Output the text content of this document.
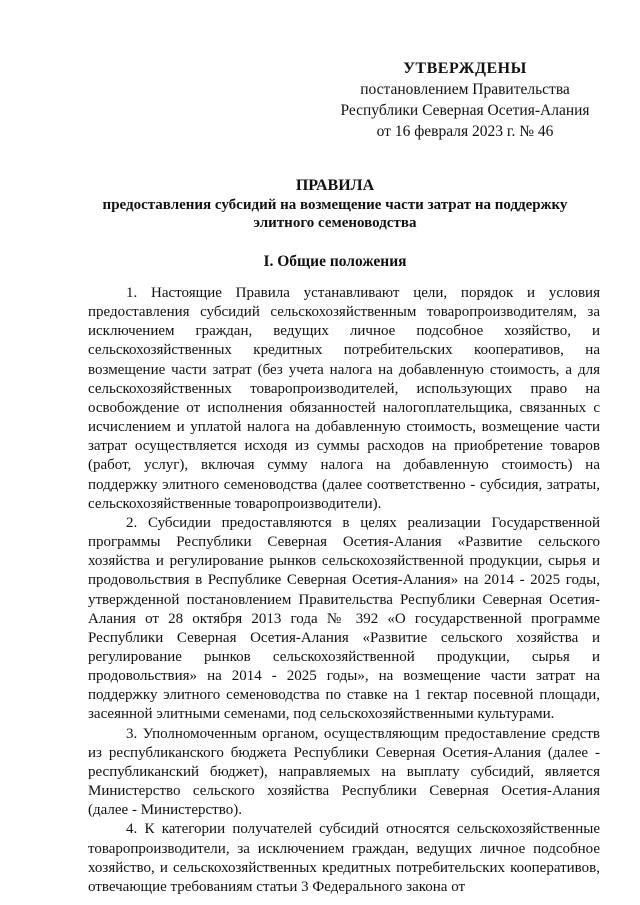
УТВЕРЖДЕНЫ
постановлением Правительства
Республики Северная Осетия-Алания
от 16 февраля 2023 г. № 46
ПРАВИЛА
предоставления субсидий на возмещение части затрат на поддержку
элитного семеноводства
I. Общие положения

1. Настоящие Правила устанавливают цели, порядок и условия предоставления субсидий сельскохозяйственным товаропроизводителям, за исключением граждан, ведущих личное подсобное хозяйство, и сельскохозяйственных кредитных потребительских кооперативов, на возмещение части затрат (без учета налога на добавленную стоимость, а для сельскохозяйственных товаропроизводителей, использующих право на освобождение от исполнения обязанностей налогоплательщика, связанных с исчислением и уплатой налога на добавленную стоимость, возмещение части затрат осуществляется исходя из суммы расходов на приобретение товаров (работ, услуг), включая сумму налога на добавленную стоимость) на поддержку элитного семеноводства (далее соответственно - субсидия, затраты, сельскохозяйственные товаропроизводители).

2. Субсидии предоставляются в целях реализации Государственной программы Республики Северная Осетия-Алания «Развитие сельского хозяйства и регулирование рынков сельскохозяйственной продукции, сырья и продовольствия в Республике Северная Осетия-Алания» на 2014 - 2025 годы, утвержденной постановлением Правительства Республики Северная Осетия-Алания от 28 октября 2013 года № 392 «О государственной программе Республики Северная Осетия-Алания «Развитие сельского хозяйства и регулирование рынков сельскохозяйственной продукции, сырья и продовольствия» на 2014 - 2025 годы», на возмещение части затрат на поддержку элитного семеноводства по ставке на 1 гектар посевной площади, засеянной элитными семенами, под сельскохозяйственными культурами.

3. Уполномоченным органом, осуществляющим предоставление средств из республиканского бюджета Республики Северная Осетия-Алания (далее - республиканский бюджет), направляемых на выплату субсидий, является Министерство сельского хозяйства Республики Северная Осетия-Алания (далее - Министерство).

4. К категории получателей субсидий относятся сельскохозяйственные товаропроизводители, за исключением граждан, ведущих личное подсобное хозяйство, и сельскохозяйственных кредитных потребительских кооперативов, отвечающие требованиям статьи 3 Федерального закона от
